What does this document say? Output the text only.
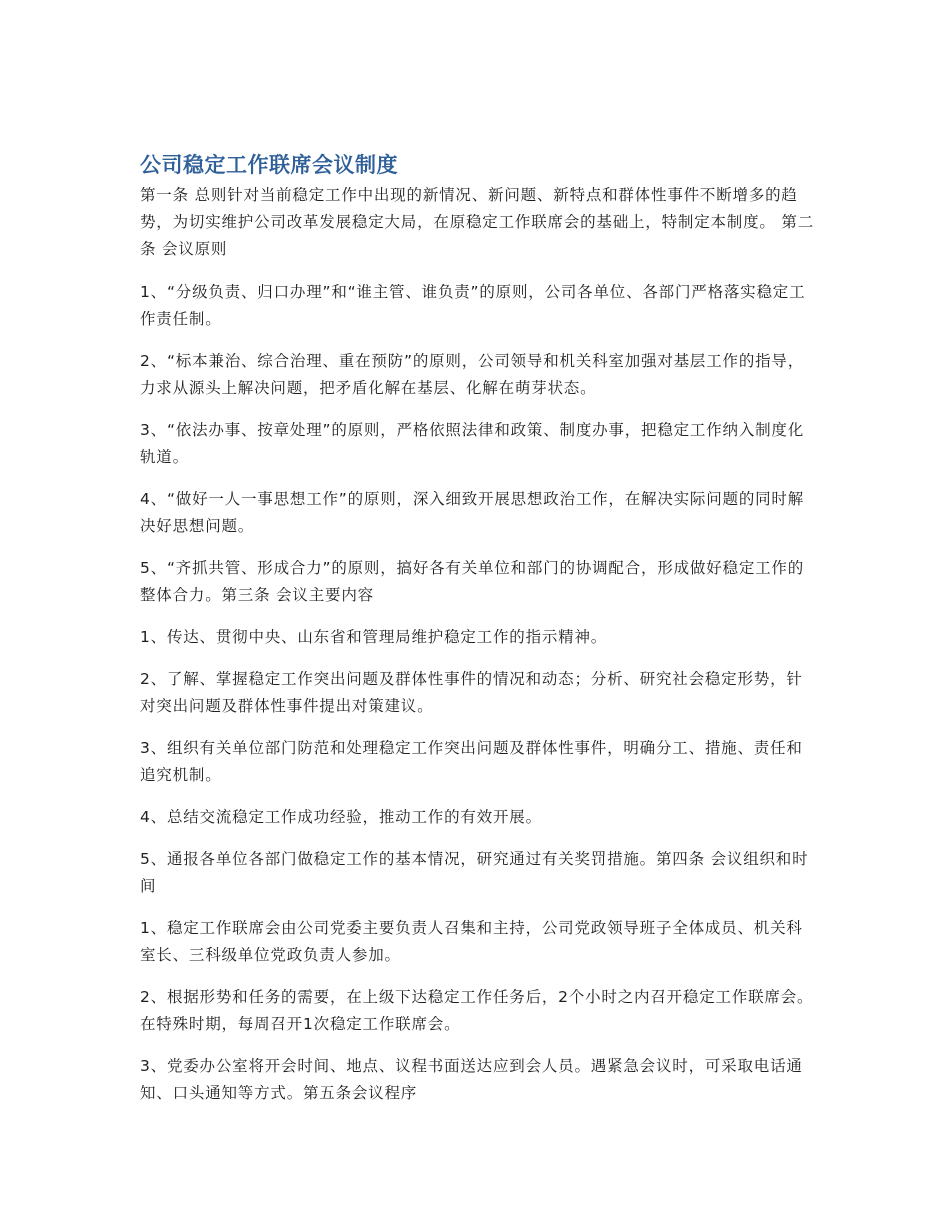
公司稳定工作联席会议制度

第一条 总则针对当前稳定工作中出现的新情况、新问题、新特点和群体性事件不断增多的趋势，为切实维护公司改革发展稳定大局，在原稳定工作联席会的基础上，特制定本制度。 第二条 会议原则

1、“分级负责、归口办理”和“谁主管、谁负责”的原则，公司各单位、各部门严格落实稳定工作责任制。

2、“标本兼治、综合治理、重在预防”的原则，公司领导和机关科室加强对基层工作的指导，力求从源头上解决问题，把矛盾化解在基层、化解在萌芽状态。

3、“依法办事、按章处理”的原则，严格依照法律和政策、制度办事，把稳定工作纳入制度化轨道。

4、“做好一人一事思想工作”的原则，深入细致开展思想政治工作，在解决实际问题的同时解决好思想问题。

5、“齐抓共管、形成合力”的原则，搞好各有关单位和部门的协调配合，形成做好稳定工作的整体合力。第三条 会议主要内容

1、传达、贯彻中央、山东省和管理局维护稳定工作的指示精神。

2、了解、掌握稳定工作突出问题及群体性事件的情况和动态；分析、研究社会稳定形势，针对突出问题及群体性事件提出对策建议。

3、组织有关单位部门防范和处理稳定工作突出问题及群体性事件，明确分工、措施、责任和追究机制。

4、总结交流稳定工作成功经验，推动工作的有效开展。

5、通报各单位各部门做稳定工作的基本情况，研究通过有关奖罚措施。第四条 会议组织和时间

1、稳定工作联席会由公司党委主要负责人召集和主持，公司党政领导班子全体成员、机关科室长、三科级单位党政负责人参加。

2、根据形势和任务的需要，在上级下达稳定工作任务后，2个小时之内召开稳定工作联席会。在特殊时期，每周召开1次稳定工作联席会。

3、党委办公室将开会时间、地点、议程书面送达应到会人员。遇紧急会议时，可采取电话通知、口头通知等方式。第五条会议程序
